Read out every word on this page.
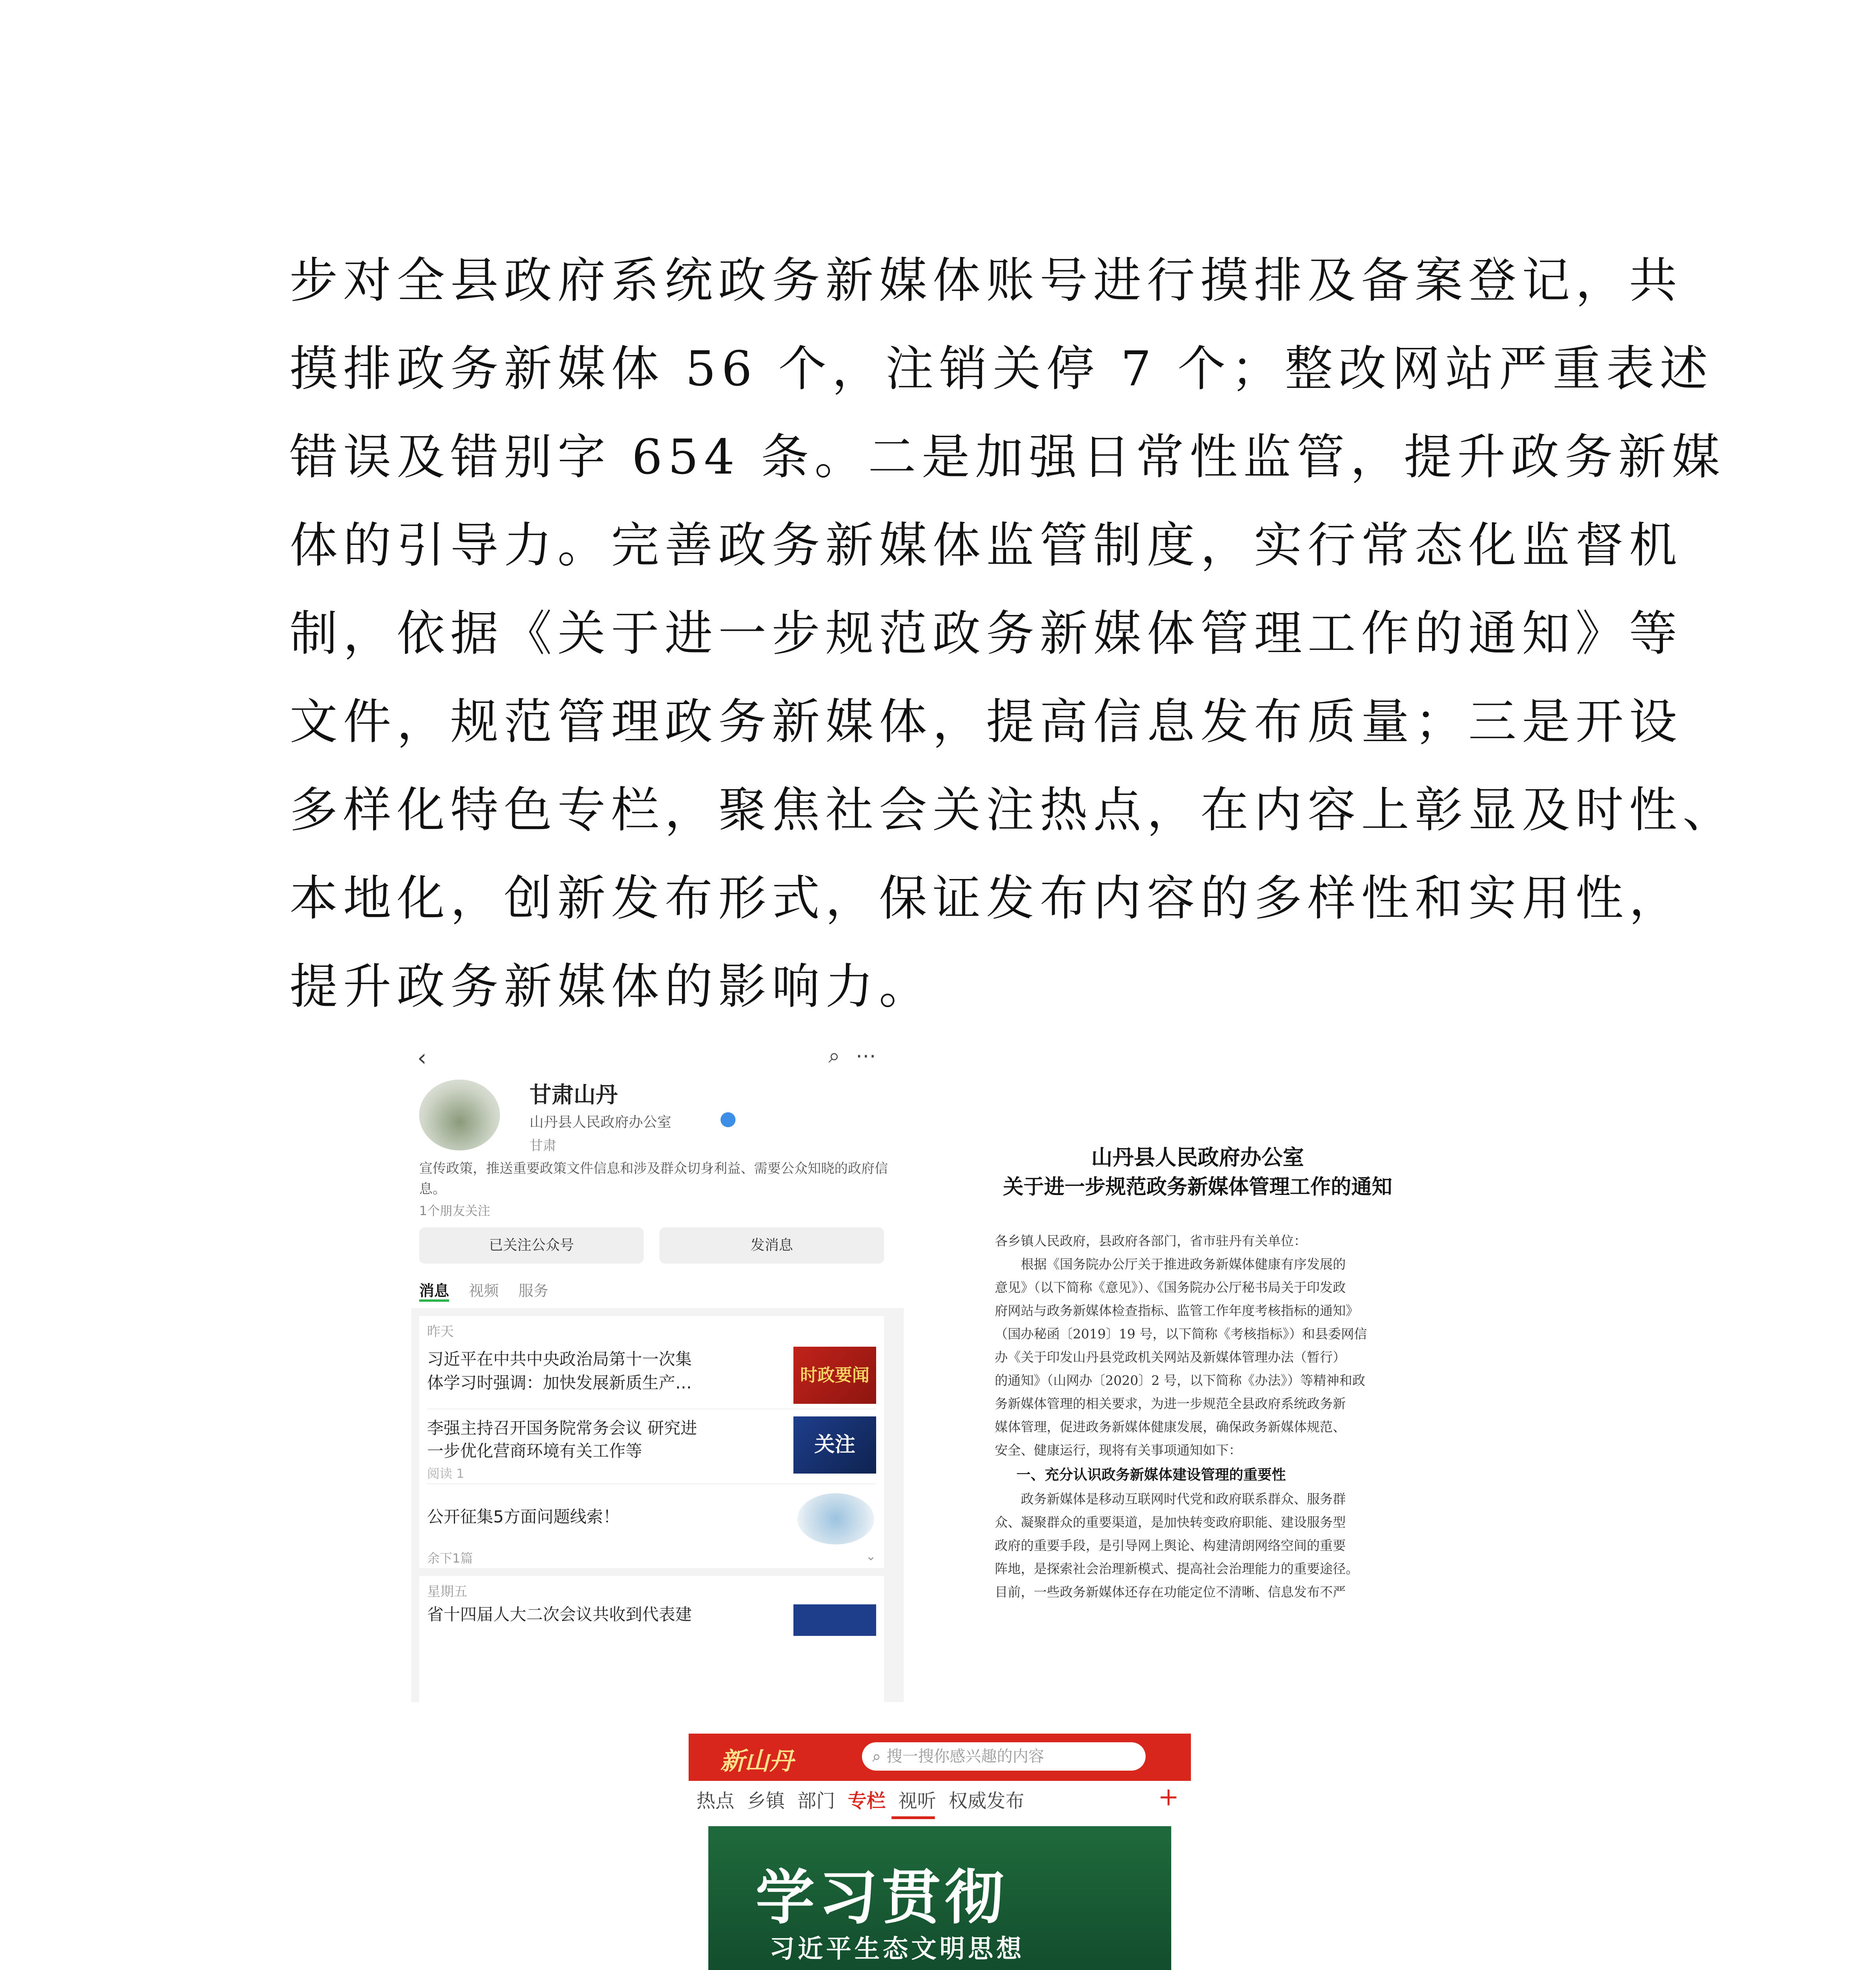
步对全县政府系统政务新媒体账号进行摸排及备案登记，共
摸排政务新媒体 56 个，注销关停 7 个；整改网站严重表述
错误及错别字 654 条。二是加强日常性监管，提升政务新媒
体的引导力。完善政务新媒体监管制度，实行常态化监督机
制，依据《关于进一步规范政务新媒体管理工作的通知》等
文件，规范管理政务新媒体，提高信息发布质量；三是开设
多样化特色专栏，聚焦社会关注热点，在内容上彰显及时性、
本地化，创新发布形式，保证发布内容的多样性和实用性，
提升政务新媒体的影响力。
‹	⌕⋯
甘肃山丹
山丹县人民政府办公室
甘肃
宣传政策，推送重要政策文件信息和涉及群众切身利益、需要公众知晓的政府信息。
1个朋友关注
已关注公众号	发消息
消息 视频 服务
昨天
习近平在中共中央政治局第十一次集
体学习时强调：加快发展新质生产…	时政要闻
李强主持召开国务院常务会议 研究进
一步优化营商环境有关工作等
阅读 1
关注
公开征集5方面问题线索！
余下1篇	⌄
星期五
省十四届人大二次会议共收到代表建
山丹县人民政府办公室
关于进一步规范政务新媒体管理工作的通知
各乡镇人民政府，县政府各部门，省市驻丹有关单位：
　　根据《国务院办公厅关于推进政务新媒体健康有序发展的
意见》（以下简称《意见》）、《国务院办公厅秘书局关于印发政
府网站与政务新媒体检查指标、监管工作年度考核指标的通知》
（国办秘函〔2019〕19 号，以下简称《考核指标》）和县委网信
办《关于印发山丹县党政机关网站及新媒体管理办法（暂行）
的通知》（山网办〔2020〕2 号，以下简称《办法》）等精神和政
务新媒体管理的相关要求，为进一步规范全县政府系统政务新
媒体管理，促进政务新媒体健康发展，确保政务新媒体规范、
安全、健康运行，现将有关事项通知如下：
一、充分认识政务新媒体建设管理的重要性
　　政务新媒体是移动互联网时代党和政府联系群众、服务群
众、凝聚群众的重要渠道，是加快转变政府职能、建设服务型
政府的重要手段，是引导网上舆论、构建清朗网络空间的重要
阵地，是探索社会治理新模式、提高社会治理能力的重要途径。
目前，一些政务新媒体还存在功能定位不清晰、信息发布不严
新山丹	⌕ 搜一搜你感兴趣的内容
热点 乡镇 部门 专栏 视听 权威发布	+
学习贯彻
习近平生态文明思想
